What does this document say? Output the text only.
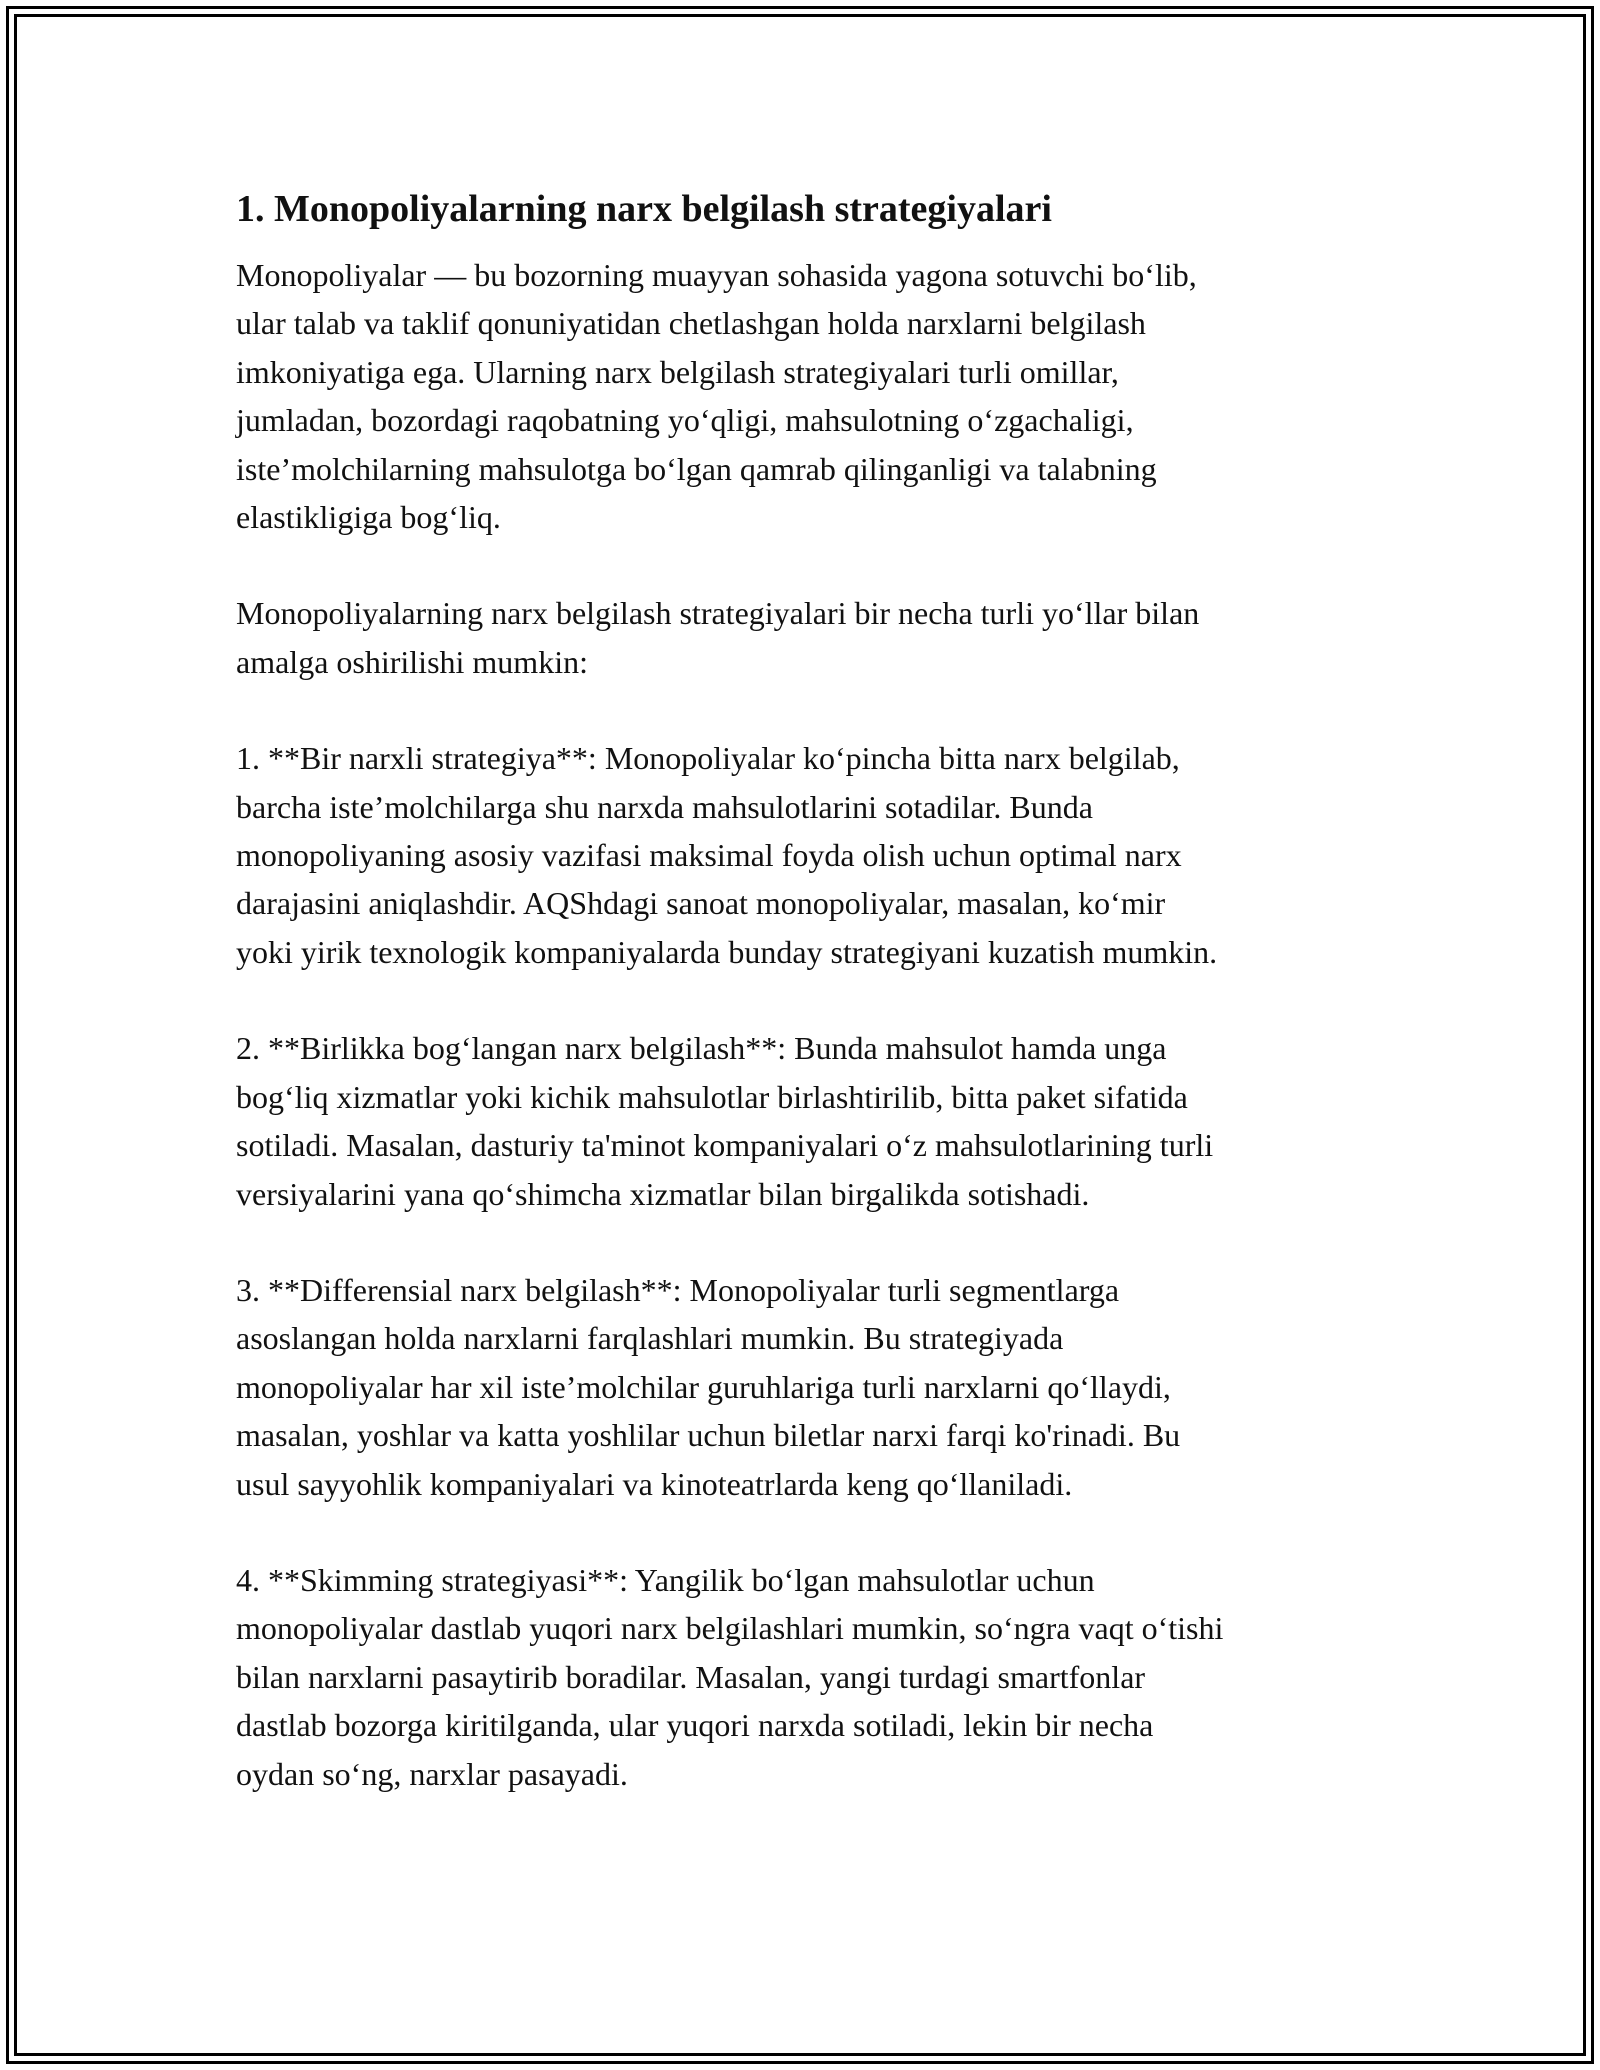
1. Monopoliyalarning narx belgilash strategiyalari

Monopoliyalar — bu bozorning muayyan sohasida yagona sotuvchi bo‘lib,
ular talab va taklif qonuniyatidan chetlashgan holda narxlarni belgilash
imkoniyatiga ega. Ularning narx belgilash strategiyalari turli omillar,
jumladan, bozordagi raqobatning yo‘qligi, mahsulotning o‘zgachaligi,
iste’molchilarning mahsulotga bo‘lgan qamrab qilinganligi va talabning
elastikligiga bog‘liq.

Monopoliyalarning narx belgilash strategiyalari bir necha turli yo‘llar bilan
amalga oshirilishi mumkin:

1. **Bir narxli strategiya**: Monopoliyalar ko‘pincha bitta narx belgilab,
barcha iste’molchilarga shu narxda mahsulotlarini sotadilar. Bunda
monopoliyaning asosiy vazifasi maksimal foyda olish uchun optimal narx
darajasini aniqlashdir. AQShdagi sanoat monopoliyalar, masalan, ko‘mir
yoki yirik texnologik kompaniyalarda bunday strategiyani kuzatish mumkin.

2. **Birlikka bog‘langan narx belgilash**: Bunda mahsulot hamda unga
bog‘liq xizmatlar yoki kichik mahsulotlar birlashtirilib, bitta paket sifatida
sotiladi. Masalan, dasturiy ta'minot kompaniyalari o‘z mahsulotlarining turli
versiyalarini yana qo‘shimcha xizmatlar bilan birgalikda sotishadi.

3. **Differensial narx belgilash**: Monopoliyalar turli segmentlarga
asoslangan holda narxlarni farqlashlari mumkin. Bu strategiyada
monopoliyalar har xil iste’molchilar guruhlariga turli narxlarni qo‘llaydi,
masalan, yoshlar va katta yoshlilar uchun biletlar narxi farqi ko'rinadi. Bu
usul sayyohlik kompaniyalari va kinoteatrlarda keng qo‘llaniladi.

4. **Skimming strategiyasi**: Yangilik bo‘lgan mahsulotlar uchun
monopoliyalar dastlab yuqori narx belgilashlari mumkin, so‘ngra vaqt o‘tishi
bilan narxlarni pasaytirib boradilar. Masalan, yangi turdagi smartfonlar
dastlab bozorga kiritilganda, ular yuqori narxda sotiladi, lekin bir necha
oydan so‘ng, narxlar pasayadi.
